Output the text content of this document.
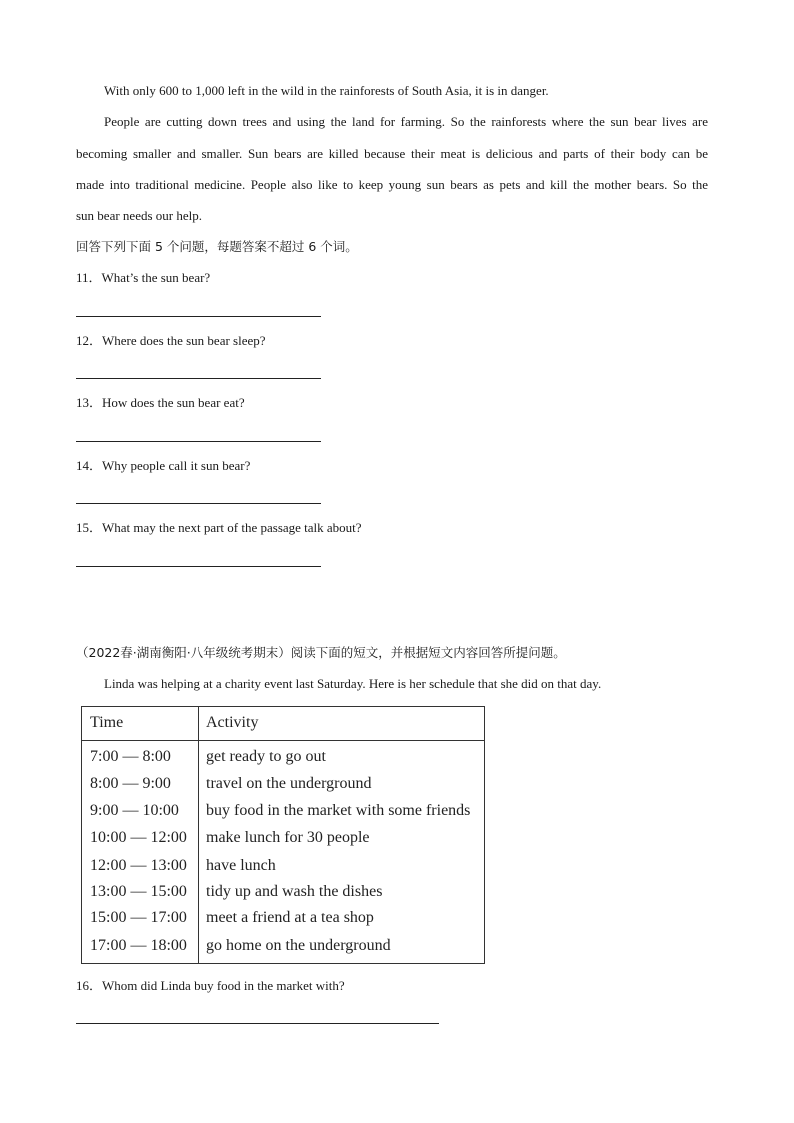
With only 600 to 1,000 left in the wild in the rainforests of South Asia, it is in danger.
People are cutting down trees and using the land for farming. So the rainforests where the sun bear lives are
becoming smaller and smaller. Sun bears are killed because their meat is delicious and parts of their body can be
made into traditional medicine. People also like to keep young sun bears as pets and kill the mother bears. So the
sun bear needs our help.
回答下列下面 5 个问题，每题答案不超过 6 个词。
11．What’s the sun bear?
12．Where does the sun bear sleep?
13．How does the sun bear eat?
14．Why people call it sun bear?
15．What may the next part of the passage talk about?
（2022春·湖南衡阳·八年级统考期末）阅读下面的短文，并根据短文内容回答所提问题。
Linda was helping at a charity event last Saturday. Here is her schedule that she did on that day.
Time	Activity
7:00 — 8:00 get ready to go out
8:00 — 9:00 travel on the underground
9:00 — 10:00 buy food in the market with some friends
10:00 — 12:00 make lunch for 30 people
12:00 — 13:00 have lunch
13:00 — 15:00 tidy up and wash the dishes
15:00 — 17:00 meet a friend at a tea shop
17:00 — 18:00 go home on the underground
16．Whom did Linda buy food in the market with?
